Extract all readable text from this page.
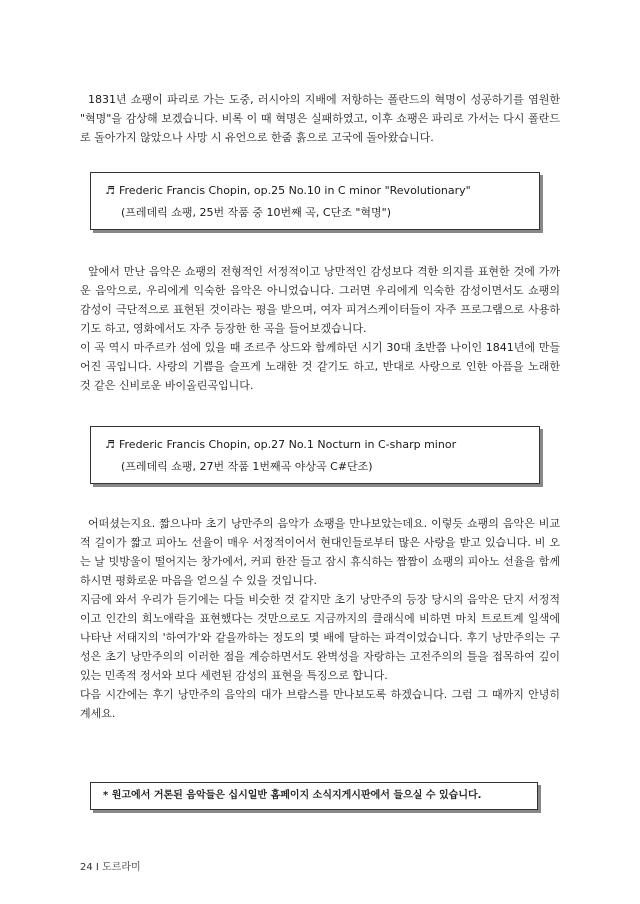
1831년 쇼팽이 파리로 가는 도중, 러시아의 지배에 저항하는 폴란드의 혁명이 성공하기를 염원한 "혁명"을 감상해 보겠습니다. 비록 이 때 혁명은 실패하였고, 이후 쇼팽은 파리로 가서는 다시 폴란드로 돌아가지 않았으나 사망 시 유언으로 한줌 흙으로 고국에 돌아왔습니다.

♬ Frederic Francis Chopin, op.25 No.10 in C minor "Revolutionary"
(프레데릭 쇼팽, 25번 작품 중 10번째 곡, C단조 "혁명")

앞에서 만난 음악은 쇼팽의 전형적인 서정적이고 낭만적인 감성보다 격한 의지를 표현한 것에 가까운 음악으로, 우리에게 익숙한 음악은 아니었습니다. 그러면 우리에게 익숙한 감성이면서도 쇼팽의 감성이 극단적으로 표현된 것이라는 평을 받으며, 여자 피겨스케이터들이 자주 프로그램으로 사용하기도 하고, 영화에서도 자주 등장한 한 곡을 들어보겠습니다.
이 곡 역시 마주르카 섬에 있을 때 조르주 상드와 함께하던 시기 30대 초반쯤 나이인 1841년에 만들어진 곡입니다. 사랑의 기쁨을 슬프게 노래한 것 같기도 하고, 반대로 사랑으로 인한 아픔을 노래한 것 같은 신비로운 바이올린곡입니다.

♬ Frederic Francis Chopin, op.27 No.1 Nocturn in C-sharp minor
(프레데릭 쇼팽, 27번 작품 1번째곡 야상곡 C#단조)

어떠셨는지요. 짧으나마 초기 낭만주의 음악가 쇼팽을 만나보았는데요. 이렇듯 쇼팽의 음악은 비교적 길이가 짧고 피아노 선율이 매우 서정적이어서 현대인들로부터 많은 사랑을 받고 있습니다. 비 오는 날 빗방울이 떨어지는 창가에서, 커피 한잔 들고 잠시 휴식하는 짬짬이 쇼팽의 피아노 선율을 함께 하시면 평화로운 마음을 얻으실 수 있을 것입니다.
지금에 와서 우리가 듣기에는 다들 비슷한 것 같지만 초기 낭만주의 등장 당시의 음악은 단지 서정적이고 인간의 희노애락을 표현했다는 것만으로도 지금까지의 클래식에 비하면 마치 트로트계 일색에 나타난 서태지의 '하여가'와 같을까하는 정도의 몇 배에 달하는 파격이었습니다. 후기 낭만주의는 구성은 초기 낭만주의의 이러한 점을 계승하면서도 완벽성을 자랑하는 고전주의의 틀을 접목하여 깊이 있는 민족적 정서와 보다 세련된 감성의 표현을 특징으로 합니다.
다음 시간에는 후기 낭만주의 음악의 대가 브람스를 만나보도록 하겠습니다. 그럼 그 때까지 안녕히 계세요.

* 원고에서 거론된 음악들은 십시일반 홈페이지 소식지게시판에서 들으실 수 있습니다.
24 I 도르라미
